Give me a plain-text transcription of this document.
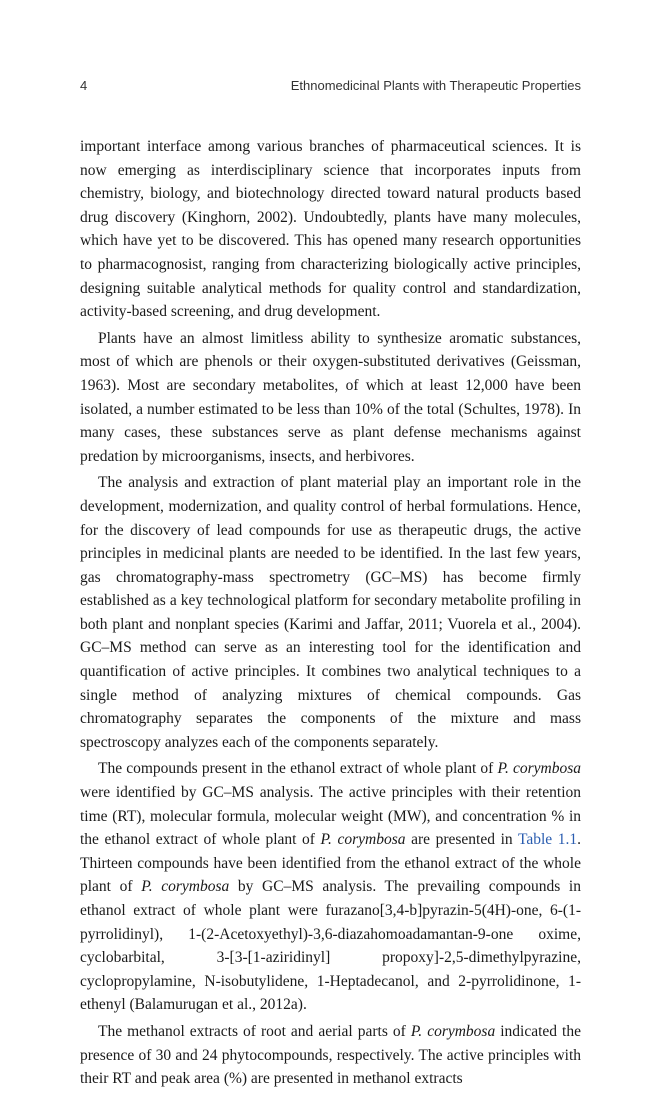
4	Ethnomedicinal Plants with Therapeutic Properties

important interface among various branches of pharmaceutical sciences. It is now emerging as interdisciplinary science that incorporates inputs from chemistry, biology, and biotechnology directed toward natural products based drug discovery (Kinghorn, 2002). Undoubtedly, plants have many molecules, which have yet to be discovered. This has opened many research opportunities to pharmacognosist, ranging from characterizing biologically active principles, designing suitable analytical methods for quality control and standardization, activity-based screening, and drug development.

Plants have an almost limitless ability to synthesize aromatic substances, most of which are phenols or their oxygen-substituted derivatives (Geissman, 1963). Most are secondary metabolites, of which at least 12,000 have been isolated, a number estimated to be less than 10% of the total (Schultes, 1978). In many cases, these substances serve as plant defense mechanisms against predation by microorganisms, insects, and herbivores.

The analysis and extraction of plant material play an important role in the development, modernization, and quality control of herbal formulations. Hence, for the discovery of lead compounds for use as therapeutic drugs, the active principles in medicinal plants are needed to be identified. In the last few years, gas chromatography-mass spectrometry (GC–MS) has become firmly established as a key technological platform for secondary metabolite profiling in both plant and nonplant species (Karimi and Jaffar, 2011; Vuorela et al., 2004). GC–MS method can serve as an interesting tool for the identification and quantification of active principles. It combines two analytical techniques to a single method of analyzing mixtures of chemical compounds. Gas chromatography separates the components of the mixture and mass spectroscopy analyzes each of the components separately.

The compounds present in the ethanol extract of whole plant of P. corymbosa were identified by GC–MS analysis. The active principles with their retention time (RT), molecular formula, molecular weight (MW), and concentration % in the ethanol extract of whole plant of P. corymbosa are presented in Table 1.1. Thirteen compounds have been identified from the ethanol extract of the whole plant of P. corymbosa by GC–MS analysis. The prevailing compounds in ethanol extract of whole plant were furazano[3,4-b]pyrazin-5(4H)-one, 6-(1-pyrrolidinyl), 1-(2-Acetoxyethyl)-3,6-diazahomoadamantan-9-one oxime, cyclobarbital, 3-[3-[1-aziridinyl] propoxy]-2,5-dimethylpyrazine, cyclopropylamine, N-isobutylidene, 1-Heptadecanol, and 2-pyrrolidinone, 1-ethenyl (Balamurugan et al., 2012a).

The methanol extracts of root and aerial parts of P. corymbosa indicated the presence of 30 and 24 phytocompounds, respectively. The active principles with their RT and peak area (%) are presented in methanol extracts
